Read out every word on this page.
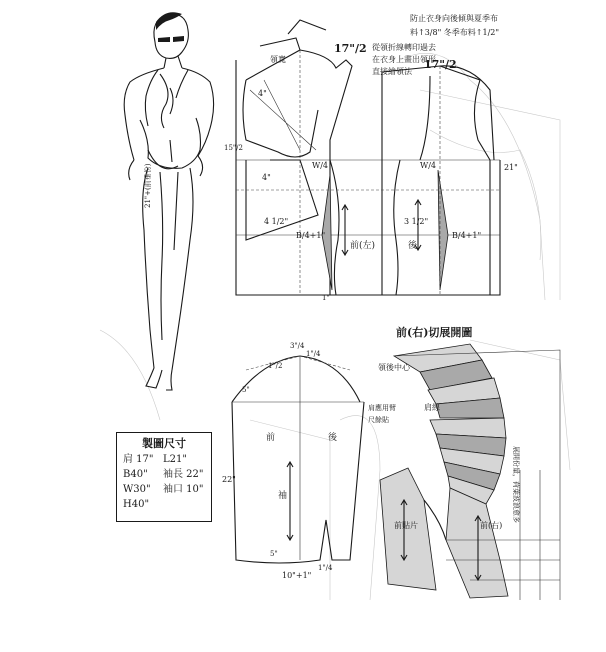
防止衣身向後傾與夏季布
料↑3/8" 冬季布料↑1/2"
前(右)切展開圖
製圖尺寸
肩 17" L21"
B40"	袖長 22"
W30"	袖口 10"
H40"
17"/2
17"/2
從領折線轉印過去
在衣身上畫出領形
直接繪領法
前(左)	後
21"+(前垂份)	21"
B/4+1"	B/4+1"
W/4	W/4
4"
4"
領寬
4 1/2"	3 1/2"
1"
15"/2
前	後
袖
22"
10"+1"
1"/2
1"/4
5"
5"
1"/4
3"/4
領後中心
肩應用臂
尺餘貼
肩線
展開份量，荷葉波浪愈多
前(右)
前貼片
